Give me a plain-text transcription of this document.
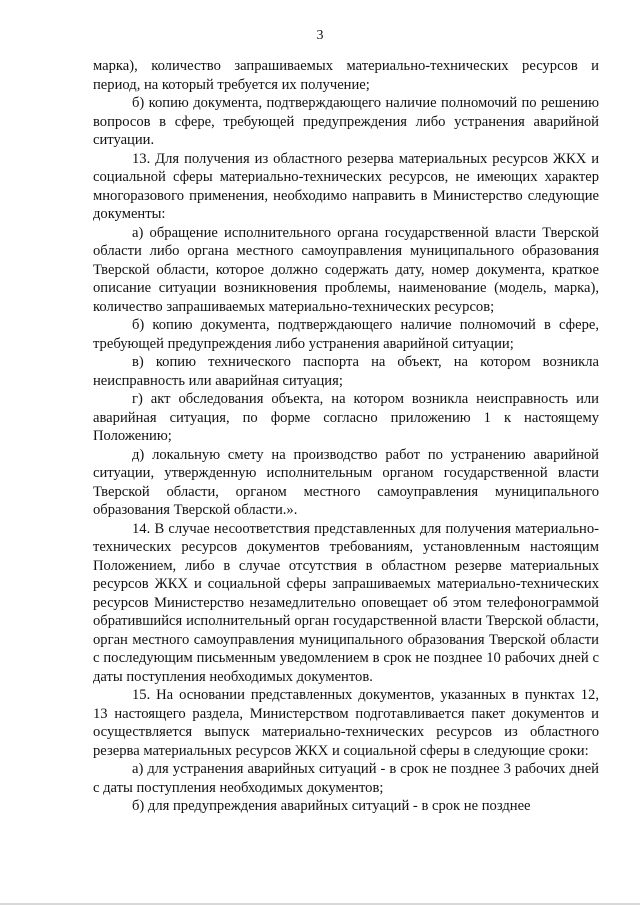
3

марка), количество запрашиваемых материально-технических ресурсов и период, на который требуется их получение;

б) копию документа, подтверждающего наличие полномочий по решению вопросов в сфере, требующей предупреждения либо устранения аварийной ситуации.

13. Для получения из областного резерва материальных ресурсов ЖКХ и социальной сферы материально-технических ресурсов, не имеющих характер многоразового применения, необходимо направить в Министерство следующие документы:

а) обращение исполнительного органа государственной власти Тверской области либо органа местного самоуправления муниципального образования Тверской области, которое должно содержать дату, номер документа, краткое описание ситуации возникновения проблемы, наименование (модель, марка), количество запрашиваемых материально-технических ресурсов;

б) копию документа, подтверждающего наличие полномочий в сфере, требующей предупреждения либо устранения аварийной ситуации;

в) копию технического паспорта на объект, на котором возникла неисправность или аварийная ситуация;

г) акт обследования объекта, на котором возникла неисправность или аварийная ситуация, по форме согласно приложению 1 к настоящему Положению;

д) локальную смету на производство работ по устранению аварийной ситуации, утвержденную исполнительным органом государственной власти Тверской области, органом местного самоуправления муниципального образования Тверской области.».

14. В случае несоответствия представленных для получения материально-технических ресурсов документов требованиям, установленным настоящим Положением, либо в случае отсутствия в областном резерве материальных ресурсов ЖКХ и социальной сферы запрашиваемых материально-технических ресурсов Министерство незамедлительно оповещает об этом телефонограммой обратившийся исполнительный орган государственной власти Тверской области, орган местного самоуправления муниципального образования Тверской области с последующим письменным уведомлением в срок не позднее 10 рабочих дней с даты поступления необходимых документов.

15. На основании представленных документов, указанных в пунктах 12, 13 настоящего раздела, Министерством подготавливается пакет документов и осуществляется выпуск материально-технических ресурсов из областного резерва материальных ресурсов ЖКХ и социальной сферы в следующие сроки:

а) для устранения аварийных ситуаций - в срок не позднее 3 рабочих дней с даты поступления необходимых документов;

б) для предупреждения аварийных ситуаций - в срок не позднее
